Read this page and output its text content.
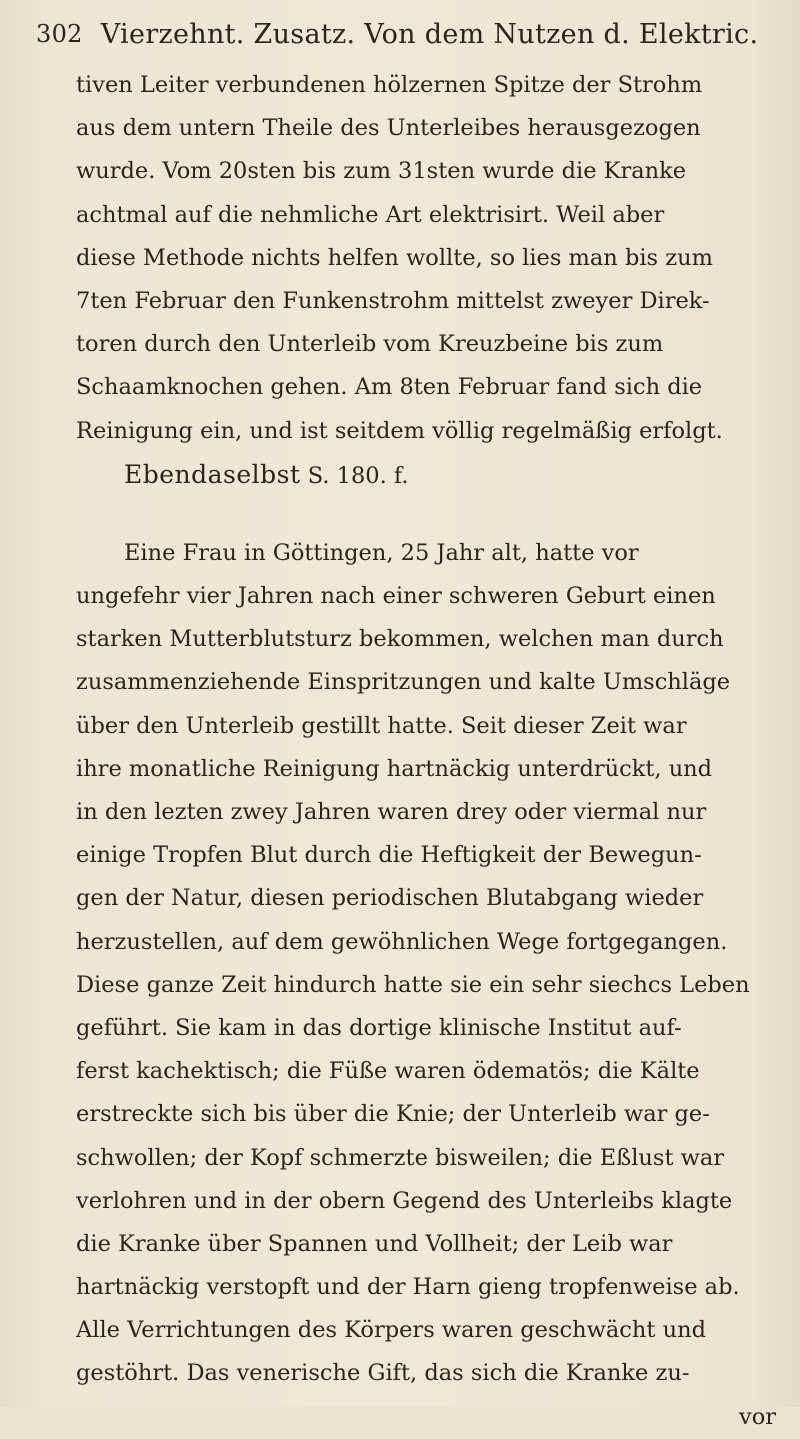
302 Vierzehnt. Zusatz. Von dem Nutzen d. Elektric.
tiven Leiter verbundenen hölzernen Spitze der Strohm
aus dem untern Theile des Unterleibes herausgezogen
wurde. Vom 20sten bis zum 31sten wurde die Kranke
achtmal auf die nehmliche Art elektrisirt. Weil aber
diese Methode nichts helfen wollte, so lies man bis zum
7ten Februar den Funkenstrohm mittelst zweyer Direk-
toren durch den Unterleib vom Kreuzbeine bis zum
Schaamknochen gehen. Am 8ten Februar fand sich die
Reinigung ein, und ist seitdem völlig regelmäßig erfolgt.
Ebendaselbst S. 180. f.
Eine Frau in Göttingen, 25 Jahr alt, hatte vor
ungefehr vier Jahren nach einer schweren Geburt einen
starken Mutterblutsturz bekommen, welchen man durch
zusammenziehende Einspritzungen und kalte Umschläge
über den Unterleib gestillt hatte. Seit dieser Zeit war
ihre monatliche Reinigung hartnäckig unterdrückt, und
in den lezten zwey Jahren waren drey oder viermal nur
einige Tropfen Blut durch die Heftigkeit der Bewegun-
gen der Natur, diesen periodischen Blutabgang wieder
herzustellen, auf dem gewöhnlichen Wege fortgegangen.
Diese ganze Zeit hindurch hatte sie ein sehr siechcs Leben
geführt. Sie kam in das dortige klinische Institut auf-
ferst kachektisch; die Füße waren ödematös; die Kälte
erstreckte sich bis über die Knie; der Unterleib war ge-
schwollen; der Kopf schmerzte bisweilen; die Eßlust war
verlohren und in der obern Gegend des Unterleibs klagte
die Kranke über Spannen und Vollheit; der Leib war
hartnäckig verstopft und der Harn gieng tropfenweise ab.
Alle Verrichtungen des Körpers waren geschwächt und
gestöhrt. Das venerische Gift, das sich die Kranke zu-
vor
